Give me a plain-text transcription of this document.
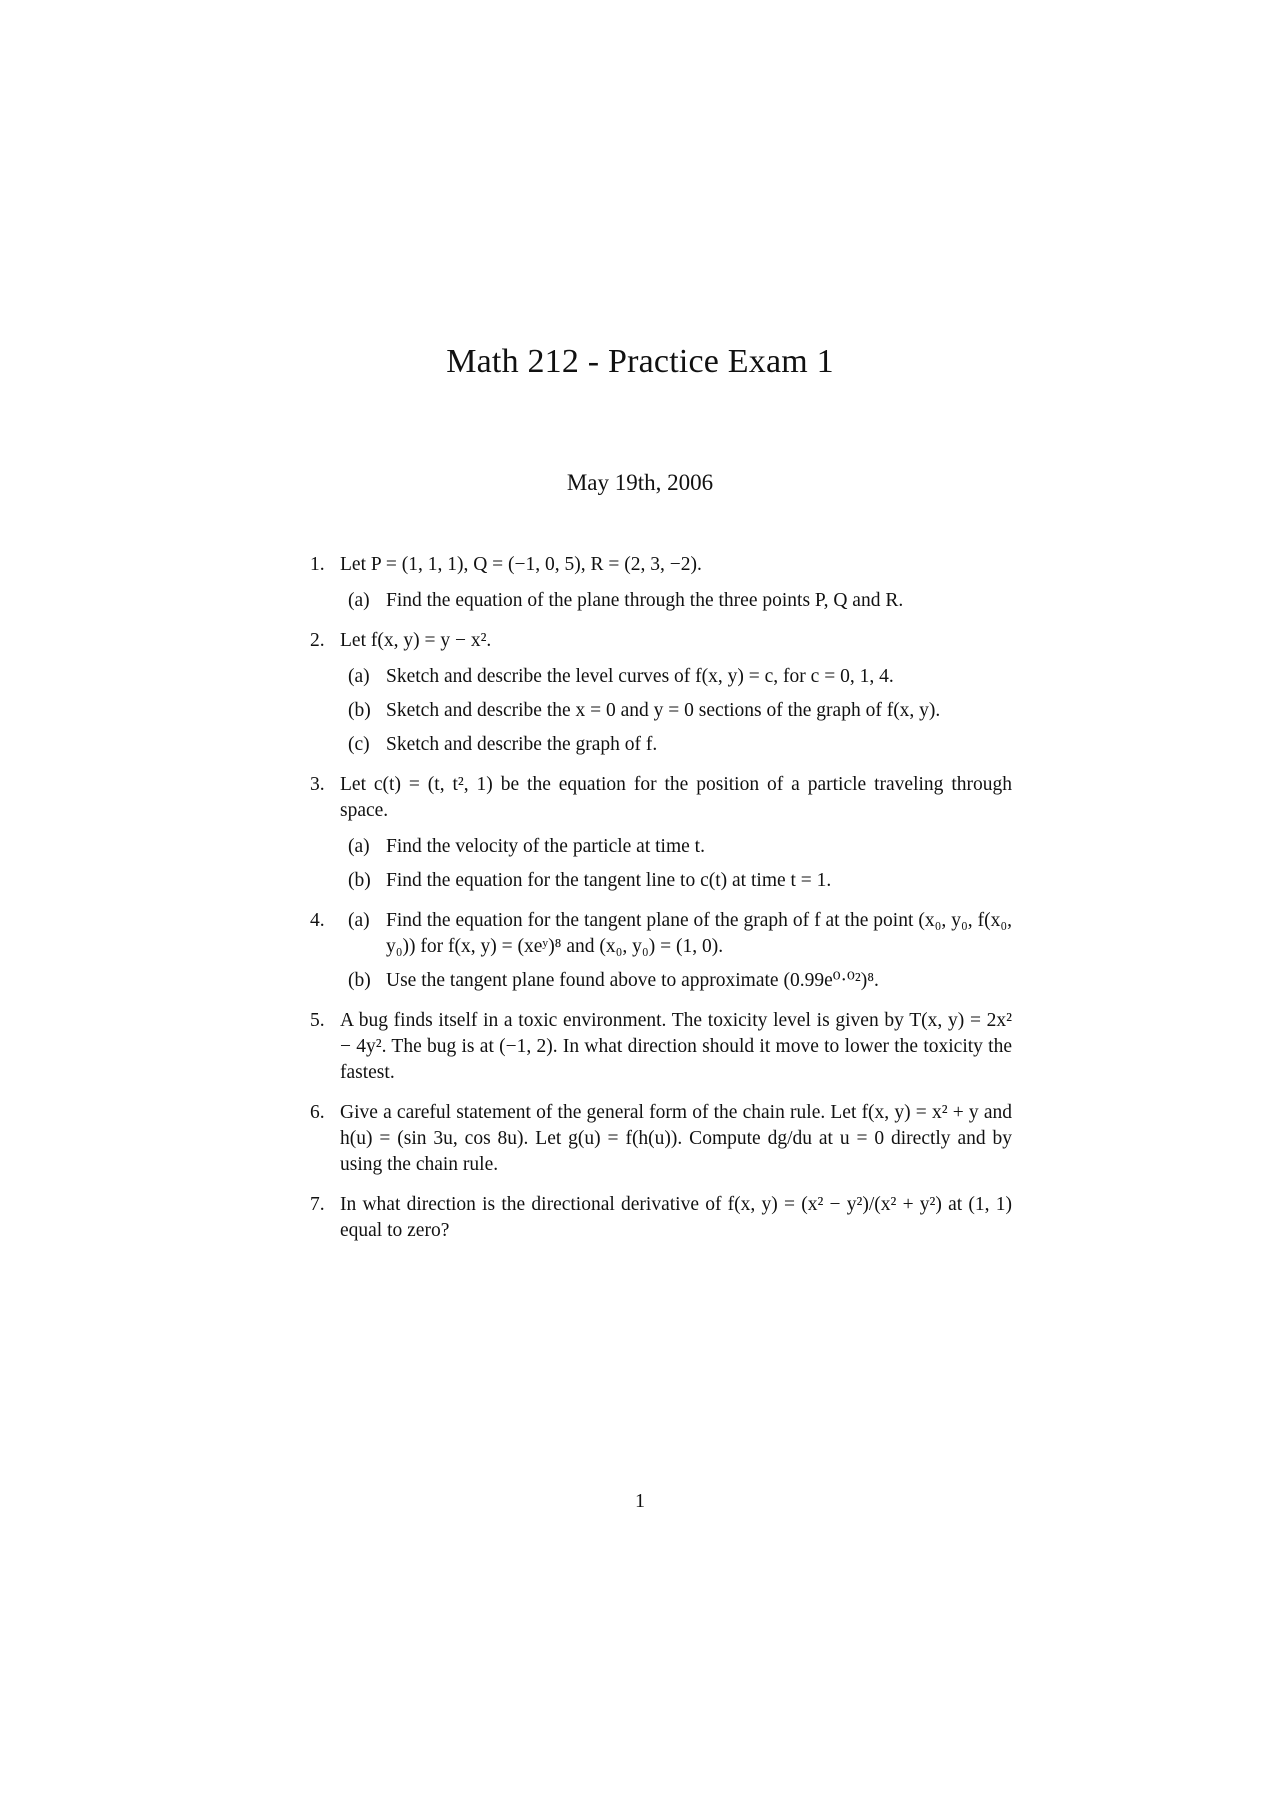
Math 212 - Practice Exam 1
May 19th, 2006
1. Let P = (1, 1, 1), Q = (−1, 0, 5), R = (2, 3, −2).
(a) Find the equation of the plane through the three points P, Q and R.
2. Let f(x, y) = y − x².
(a) Sketch and describe the level curves of f(x, y) = c, for c = 0, 1, 4.
(b) Sketch and describe the x = 0 and y = 0 sections of the graph of f(x, y).
(c) Sketch and describe the graph of f.
3. Let c(t) = (t, t², 1) be the equation for the position of a particle traveling through space.
(a) Find the velocity of the particle at time t.
(b) Find the equation for the tangent line to c(t) at time t = 1.
4. (a) Find the equation for the tangent plane of the graph of f at the point (x₀, y₀, f(x₀, y₀)) for f(x, y) = (xeʸ)⁸ and (x₀, y₀) = (1, 0).
(b) Use the tangent plane found above to approximate (0.99e⁰·⁰²)⁸.
5. A bug finds itself in a toxic environment. The toxicity level is given by T(x, y) = 2x² − 4y². The bug is at (−1, 2). In what direction should it move to lower the toxicity the fastest.
6. Give a careful statement of the general form of the chain rule. Let f(x, y) = x² + y and h(u) = (sin 3u, cos 8u). Let g(u) = f(h(u)). Compute dg/du at u = 0 directly and by using the chain rule.
7. In what direction is the directional derivative of f(x, y) = (x² − y²)/(x² + y²) at (1, 1) equal to zero?
1
